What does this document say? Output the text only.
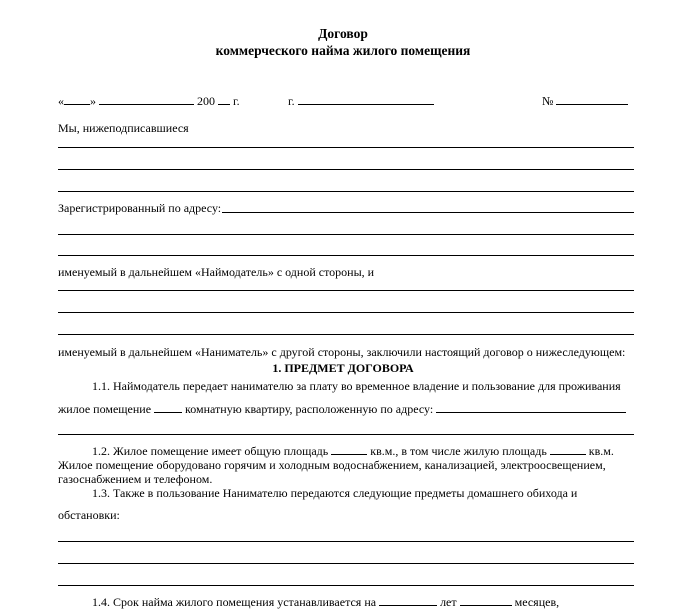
Договор
коммерческого найма жилого помещения
« »	200 г.	г.	№
Мы, нижеподписавшиеся
Зарегистрированный по адресу:
именуемый в дальнейшем «Наймодатель» с одной стороны, и
именуемый в дальнейшем «Наниматель» с другой стороны, заключили настоящий договор о нижеследующем:
1. ПРЕДМЕТ ДОГОВОРА
1.1. Наймодатель передает нанимателю за плату во временное владение и пользование для проживания
жилое помещение	комнатную квартиру, расположенную по адресу:
1.2. Жилое помещение имеет общую площадь	кв.м., в том числе жилую площадь	кв.м.
Жилое помещение оборудовано горячим и холодным водоснабжением, канализацией, электроосвещением,
газоснабжением и телефоном.
1.3. Также в пользование Нанимателю передаются следующие предметы домашнего обихода и
обстановки:
1.4. Срок найма жилого помещения устанавливается на	лет	месяцев,
